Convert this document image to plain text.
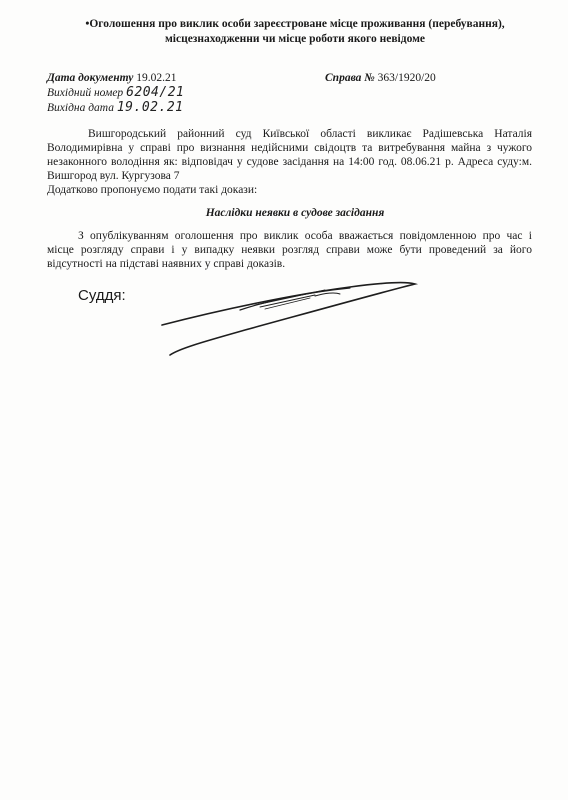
•Оголошення про виклик особи зареєстроване місце проживання (перебування),
місцезнаходженни чи місце роботи якого невідоме
Дата документу 19.02.21	Справа № 363/1920/20
Вихідний номер 6204/21
Вихідна дата 19.02.21
Вишгородський районний суд Київської області викликає Радішевська Наталія
Володимирівна у справі про визнання недійсними свідоцтв та витребування майна з чужого
незаконного володіння як: відповідач у судове засідання на 14:00 год. 08.06.21 р. Адреса суду:м.
Вишгород вул. Кургузова 7
Додатково пропонуємо подати такі докази:
Наслідки неявки в судове засідання
З опублікуванням оголошення про виклик особа вважається повідомленною про час і
місце розгляду справи і у випадку неявки розгляд справи може бути проведений за його
відсутності на підставі наявних у справі доказів.
Суддя:
